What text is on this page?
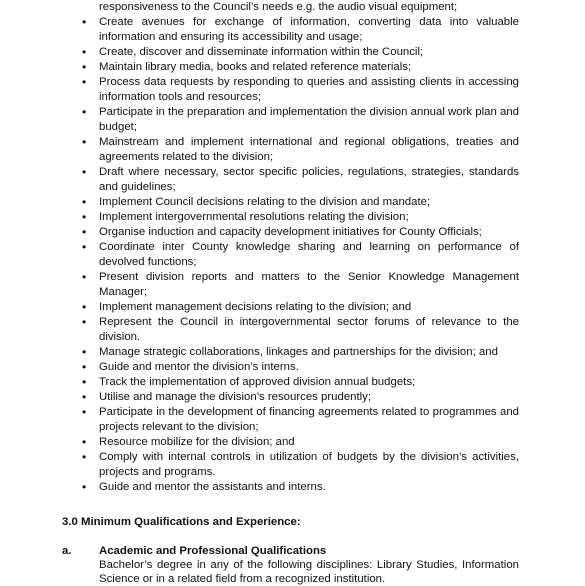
responsiveness to the Council’s needs e.g. the audio visual equipment;
• Create avenues for exchange of information, converting data into valuable information and ensuring its accessibility and usage;
• Create, discover and disseminate information within the Council;
• Maintain library media, books and related reference materials;
• Process data requests by responding to queries and assisting clients in accessing information tools and resources;
• Participate in the preparation and implementation the division annual work plan and budget;
• Mainstream and implement international and regional obligations, treaties and agreements related to the division;
• Draft where necessary, sector specific policies, regulations, strategies, standards and guidelines;
• Implement Council decisions relating to the division and mandate;
• Implement intergovernmental resolutions relating the division;
• Organise induction and capacity development initiatives for County Officials;
• Coordinate inter County knowledge sharing and learning on performance of devolved functions;
• Present division reports and matters to the Senior Knowledge Management Manager;
• Implement management decisions relating to the division; and
• Represent the Council in intergovernmental sector forums of relevance to the division.
• Manage strategic collaborations, linkages and partnerships for the division; and
• Guide and mentor the division’s interns.
• Track the implementation of approved division annual budgets;
• Utilise and manage the division’s resources prudently;
• Participate in the development of financing agreements related to programmes and projects relevant to the division;
• Resource mobilize for the division; and
• Comply with internal controls in utilization of budgets by the division’s activities, projects and programs.
• Guide and mentor the assistants and interns.
3.0 Minimum Qualifications and Experience:
a. Academic and Professional Qualifications
Bachelor’s degree in any of the following disciplines: Library Studies, Information Science or in a related field from a recognized institution.
